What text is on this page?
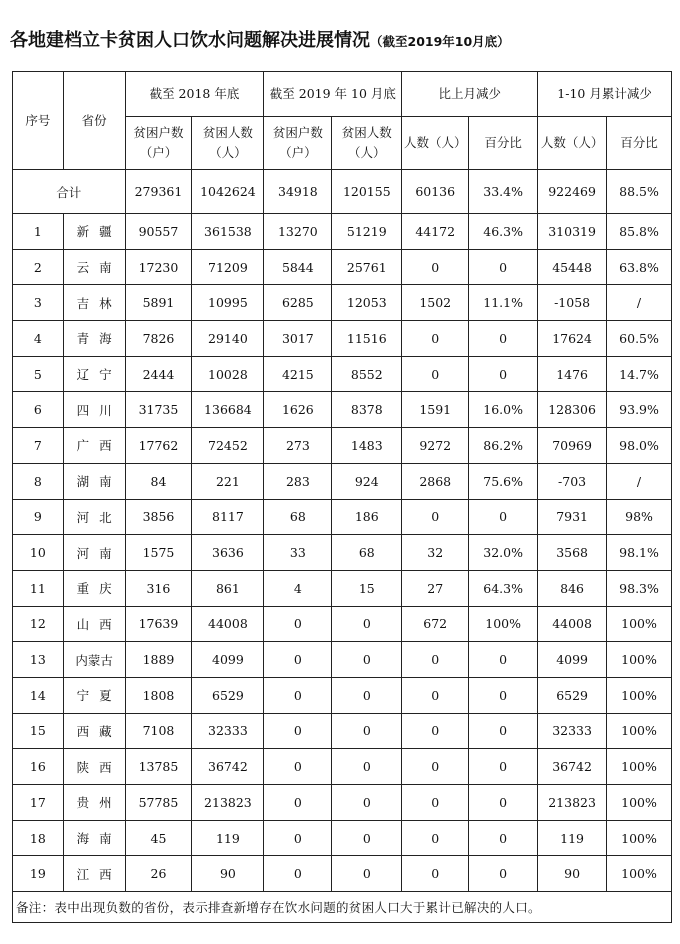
各地建档立卡贫困人口饮水问题解决进展情况（截至2019年10月底）
序号	省份	截至 2018 年底		截至 2019 年 10 月底		比上月减少		1-10 月累计减少	
		贫困户数（户）	贫困人数（人）	贫困户数（户）	贫困人数（人）	人数（人）	百分比	人数（人）	百分比
合计		279361	1042624	34918	120155	60136	33.4%	922469	88.5%
1	新疆	90557	361538	13270	51219	44172	46.3%	310319	85.8%
2	云南	17230	71209	5844	25761	0	0	45448	63.8%
3	吉林	5891	10995	6285	12053	1502	11.1%	-1058	/
4	青海	7826	29140	3017	11516	0	0	17624	60.5%
5	辽宁	2444	10028	4215	8552	0	0	1476	14.7%
6	四川	31735	136684	1626	8378	1591	16.0%	128306	93.9%
7	广西	17762	72452	273	1483	9272	86.2%	70969	98.0%
8	湖南	84	221	283	924	2868	75.6%	-703	/
9	河北	3856	8117	68	186	0	0	7931	98%
10	河南	1575	3636	33	68	32	32.0%	3568	98.1%
11	重庆	316	861	4	15	27	64.3%	846	98.3%
12	山西	17639	44008	0	0	672	100%	44008	100%
13	内蒙古	1889	4099	0	0	0	0	4099	100%
14	宁夏	1808	6529	0	0	0	0	6529	100%
15	西藏	7108	32333	0	0	0	0	32333	100%
16	陕西	13785	36742	0	0	0	0	36742	100%
17	贵州	57785	213823	0	0	0	0	213823	100%
18	海南	45	119	0	0	0	0	119	100%
19	江西	26	90	0	0	0	0	90	100%
备注：表中出现负数的省份，表示排查新增存在饮水问题的贫困人口大于累计已解决的人口。									
